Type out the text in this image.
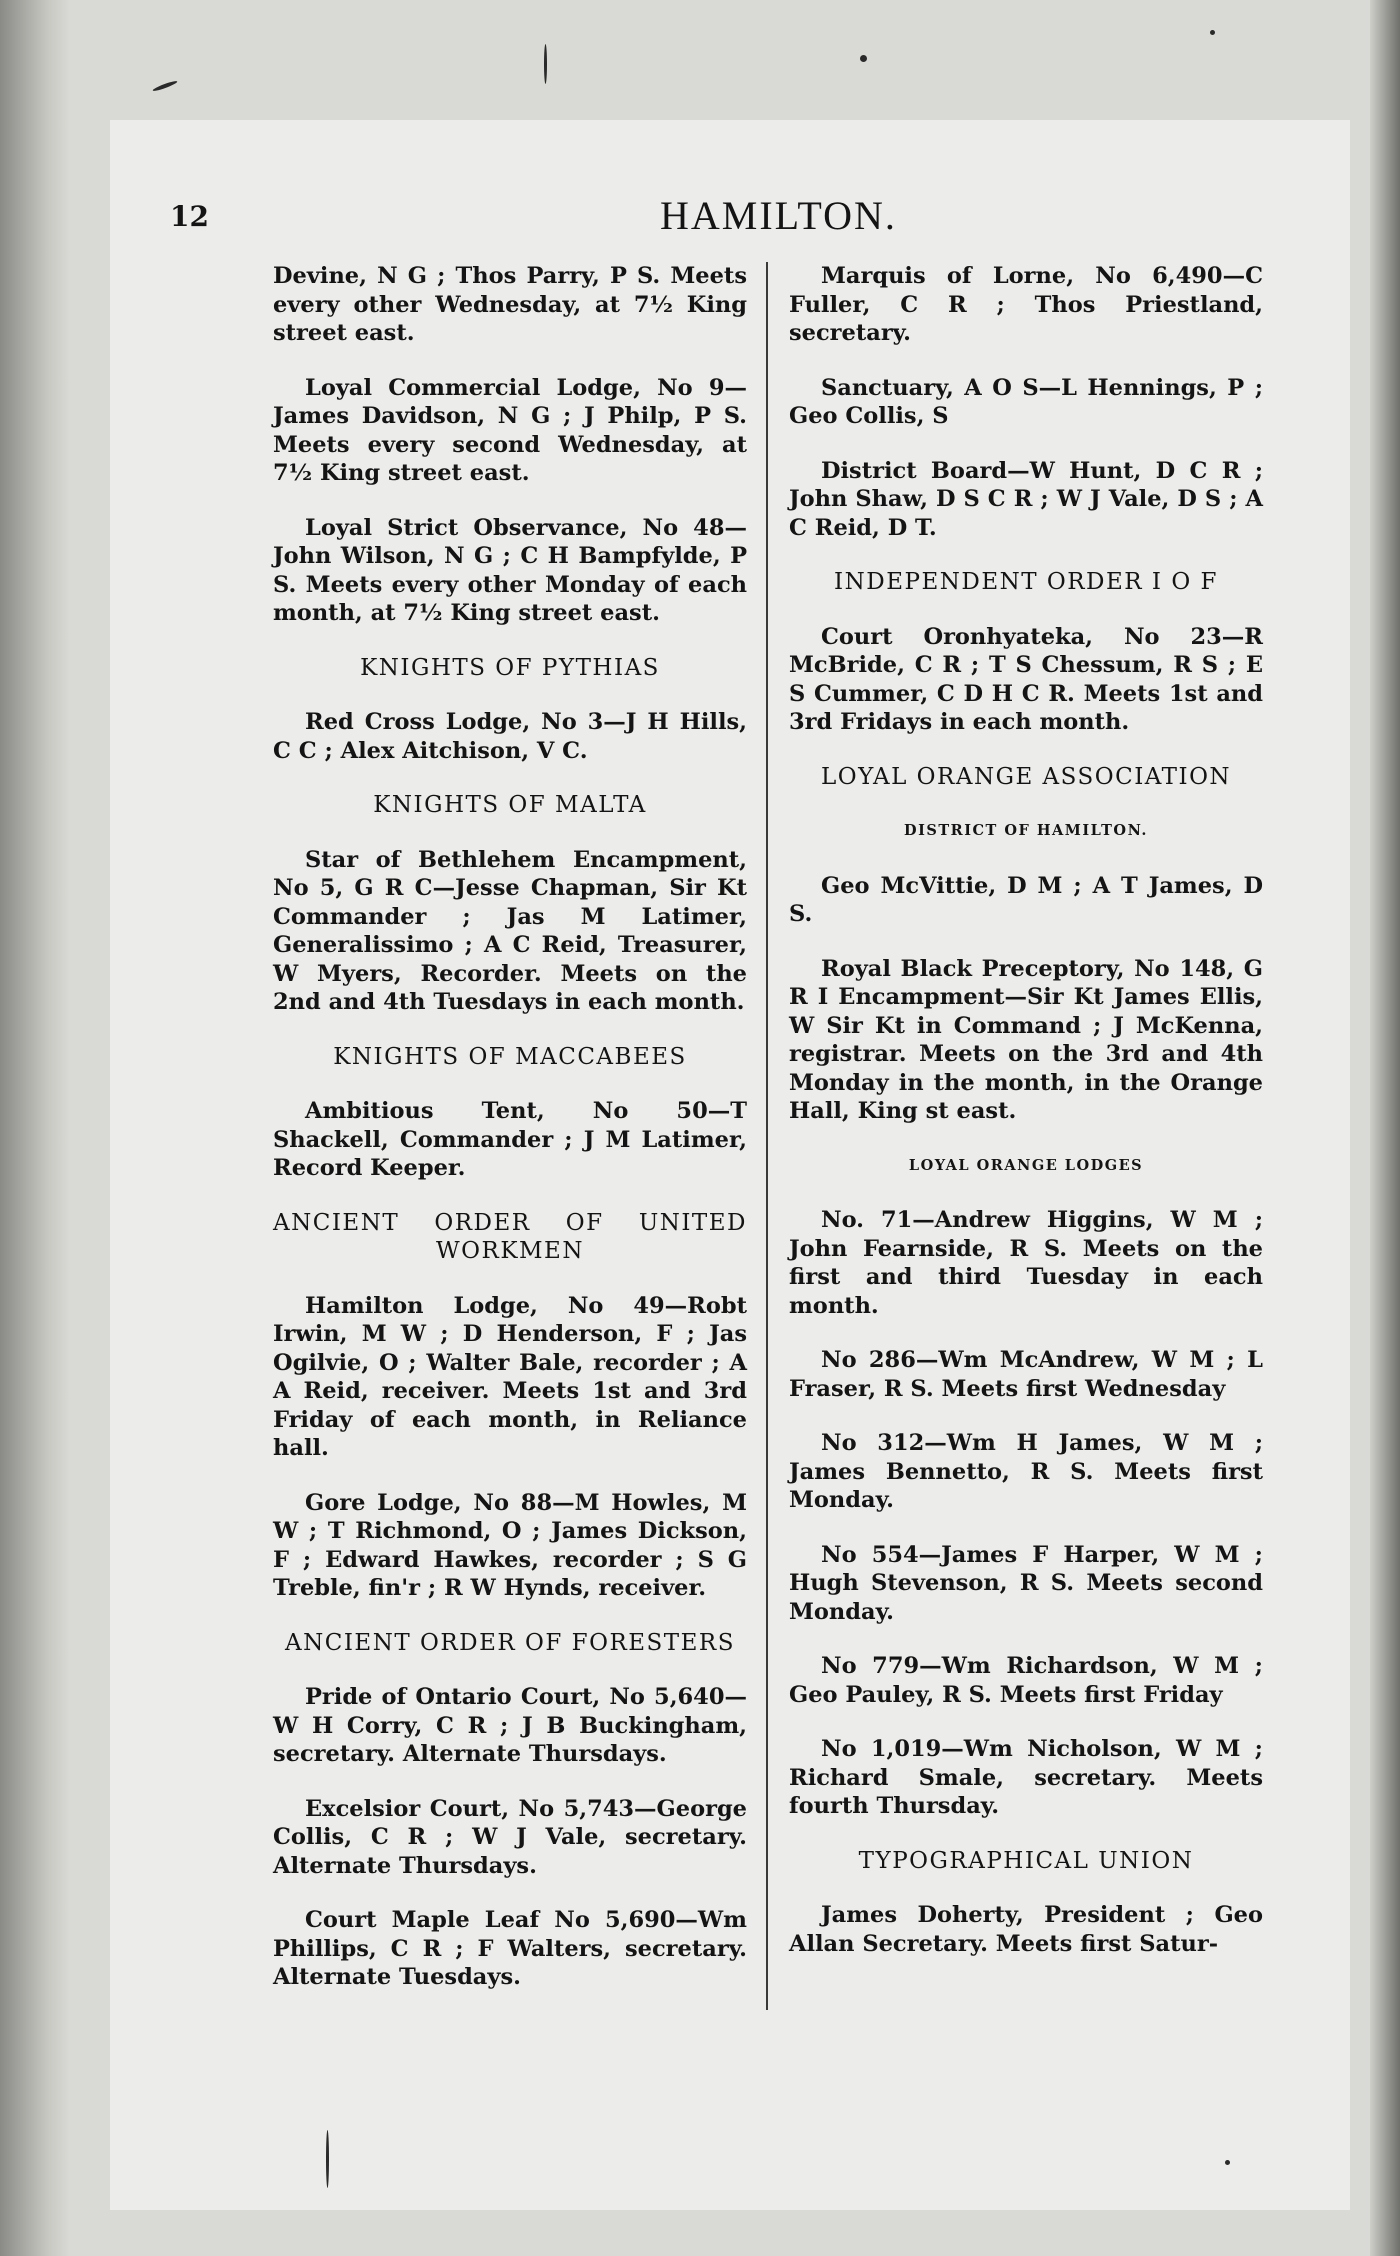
12	HAMILTON.
Devine, N G ; Thos Parry, P S. Meets every other Wednesday, at 7½ King street east.
Loyal Commercial Lodge, No 9—James Davidson, N G ; J Philp, P S. Meets every second Wednesday, at 7½ King street east.
Loyal Strict Observance, No 48—John Wilson, N G ; C H Bampfylde, P S. Meets every other Monday of each month, at 7½ King street east.
KNIGHTS OF PYTHIAS
Red Cross Lodge, No 3—J H Hills, C C ; Alex Aitchison, V C.
KNIGHTS OF MALTA
Star of Bethlehem Encampment, No 5, G R C—Jesse Chapman, Sir Kt Commander ; Jas M Latimer, Generalissimo ; A C Reid, Treasurer, W Myers, Recorder. Meets on the 2nd and 4th Tuesdays in each month.
KNIGHTS OF MACCABEES
Ambitious Tent, No 50—T Shackell, Commander ; J M Latimer, Record Keeper.
ANCIENT ORDER OF UNITED WORKMEN
Hamilton Lodge, No 49—Robt Irwin, M W ; D Henderson, F ; Jas Ogilvie, O ; Walter Bale, recorder ; A A Reid, receiver. Meets 1st and 3rd Friday of each month, in Reliance hall.
Gore Lodge, No 88—M Howles, M W ; T Richmond, O ; James Dickson, F ; Edward Hawkes, recorder ; S G Treble, fin'r ; R W Hynds, receiver.
ANCIENT ORDER OF FORESTERS
Pride of Ontario Court, No 5,640—W H Corry, C R ; J B Buckingham, secretary. Alternate Thursdays.
Excelsior Court, No 5,743—George Collis, C R ; W J Vale, secretary. Alternate Thursdays.
Court Maple Leaf No 5,690—Wm Phillips, C R ; F Walters, secretary. Alternate Tuesdays.
Marquis of Lorne, No 6,490—C Fuller, C R ; Thos Priestland, secretary.
Sanctuary, A O S—L Hennings, P ; Geo Collis, S
District Board—W Hunt, D C R ; John Shaw, D S C R ; W J Vale, D S ; A C Reid, D T.
INDEPENDENT ORDER I O F
Court Oronhyateka, No 23—R McBride, C R ; T S Chessum, R S ; E S Cummer, C D H C R. Meets 1st and 3rd Fridays in each month.
LOYAL ORANGE ASSOCIATION
DISTRICT OF HAMILTON.
Geo McVittie, D M ; A T James, D S.
Royal Black Preceptory, No 148, G R I Encampment—Sir Kt James Ellis, W Sir Kt in Command ; J McKenna, registrar. Meets on the 3rd and 4th Monday in the month, in the Orange Hall, King st east.
LOYAL ORANGE LODGES
No. 71—Andrew Higgins, W M ; John Fearnside, R S. Meets on the first and third Tuesday in each month.
No 286—Wm McAndrew, W M ; L Fraser, R S. Meets first Wednesday
No 312—Wm H James, W M ; James Bennetto, R S. Meets first Monday.
No 554—James F Harper, W M ; Hugh Stevenson, R S. Meets second Monday.
No 779—Wm Richardson, W M ; Geo Pauley, R S. Meets first Friday
No 1,019—Wm Nicholson, W M ; Richard Smale, secretary. Meets fourth Thursday.
TYPOGRAPHICAL UNION
James Doherty, President ; Geo Allan Secretary. Meets first Satur-
